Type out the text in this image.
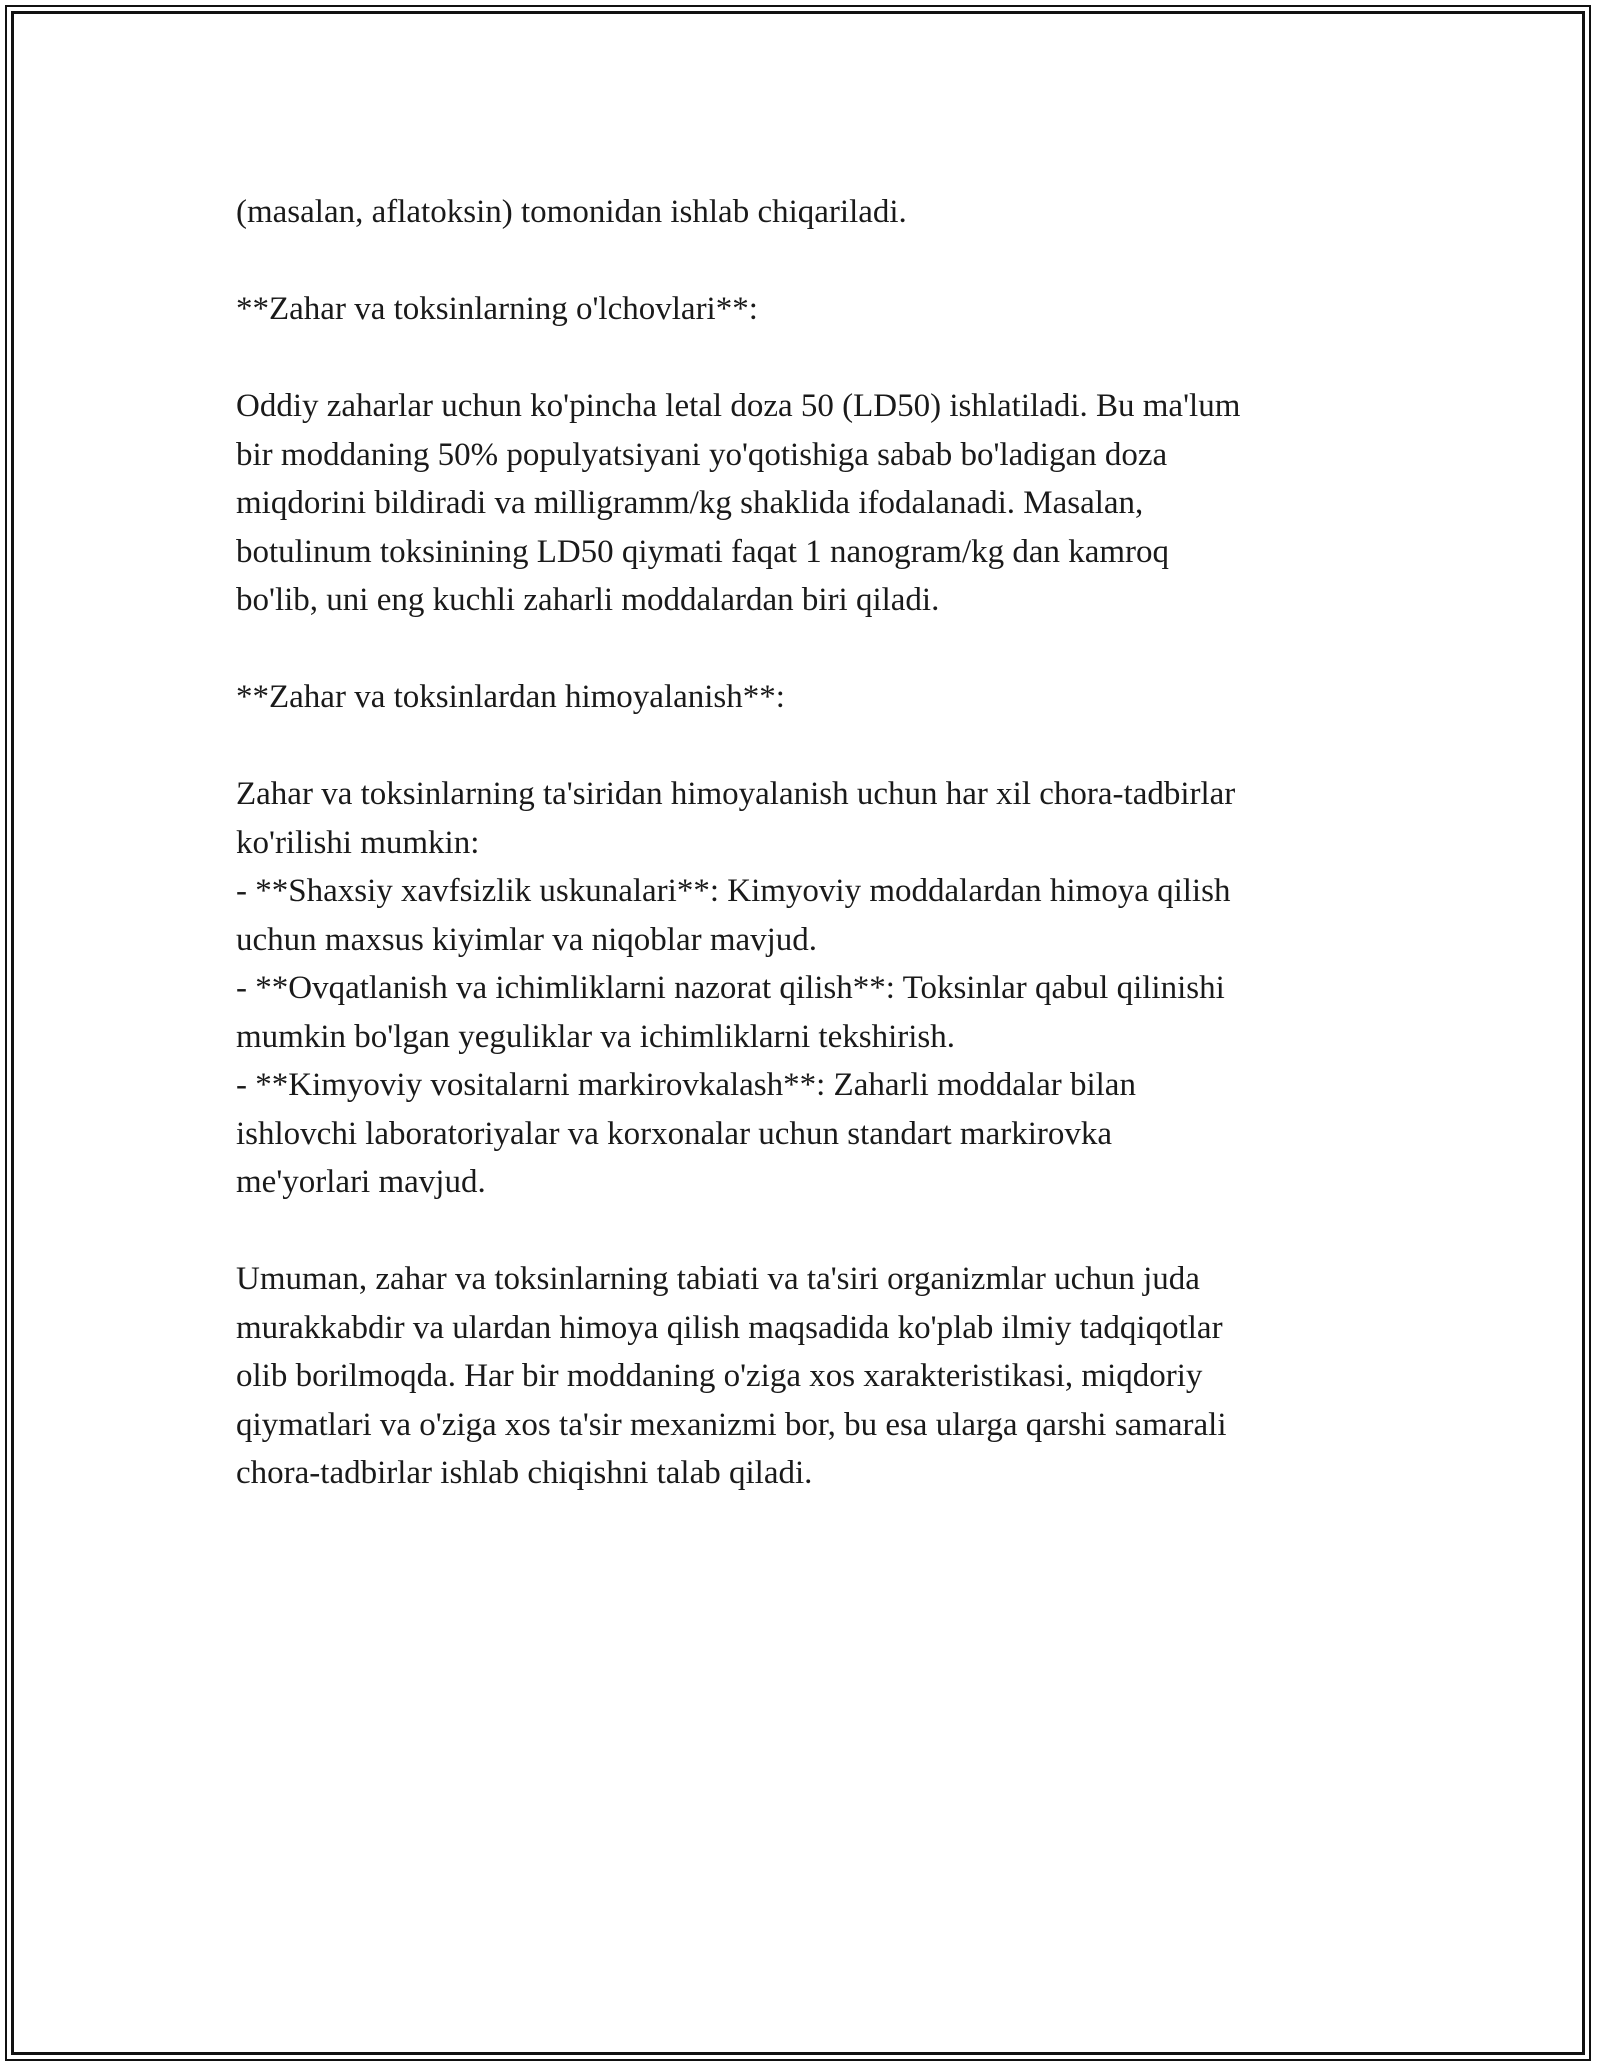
(masalan, aflatoksin) tomonidan ishlab chiqariladi.
**Zahar va toksinlarning o'lchovlari**:
Oddiy zaharlar uchun ko'pincha letal doza 50 (LD50) ishlatiladi. Bu ma'lum
bir moddaning 50% populyatsiyani yo'qotishiga sabab bo'ladigan doza
miqdorini bildiradi va milligramm/kg shaklida ifodalanadi. Masalan,
botulinum toksinining LD50 qiymati faqat 1 nanogram/kg dan kamroq
bo'lib, uni eng kuchli zaharli moddalardan biri qiladi.
**Zahar va toksinlardan himoyalanish**:
Zahar va toksinlarning ta'siridan himoyalanish uchun har xil chora-tadbirlar
ko'rilishi mumkin:
- **Shaxsiy xavfsizlik uskunalari**: Kimyoviy moddalardan himoya qilish
uchun maxsus kiyimlar va niqoblar mavjud.
- **Ovqatlanish va ichimliklarni nazorat qilish**: Toksinlar qabul qilinishi
mumkin bo'lgan yeguliklar va ichimliklarni tekshirish.
- **Kimyoviy vositalarni markirovkalash**: Zaharli moddalar bilan
ishlovchi laboratoriyalar va korxonalar uchun standart markirovka
me'yorlari mavjud.
Umuman, zahar va toksinlarning tabiati va ta'siri organizmlar uchun juda
murakkabdir va ulardan himoya qilish maqsadida ko'plab ilmiy tadqiqotlar
olib borilmoqda. Har bir moddaning o'ziga xos xarakteristikasi, miqdoriy
qiymatlari va o'ziga xos ta'sir mexanizmi bor, bu esa ularga qarshi samarali
chora-tadbirlar ishlab chiqishni talab qiladi.
